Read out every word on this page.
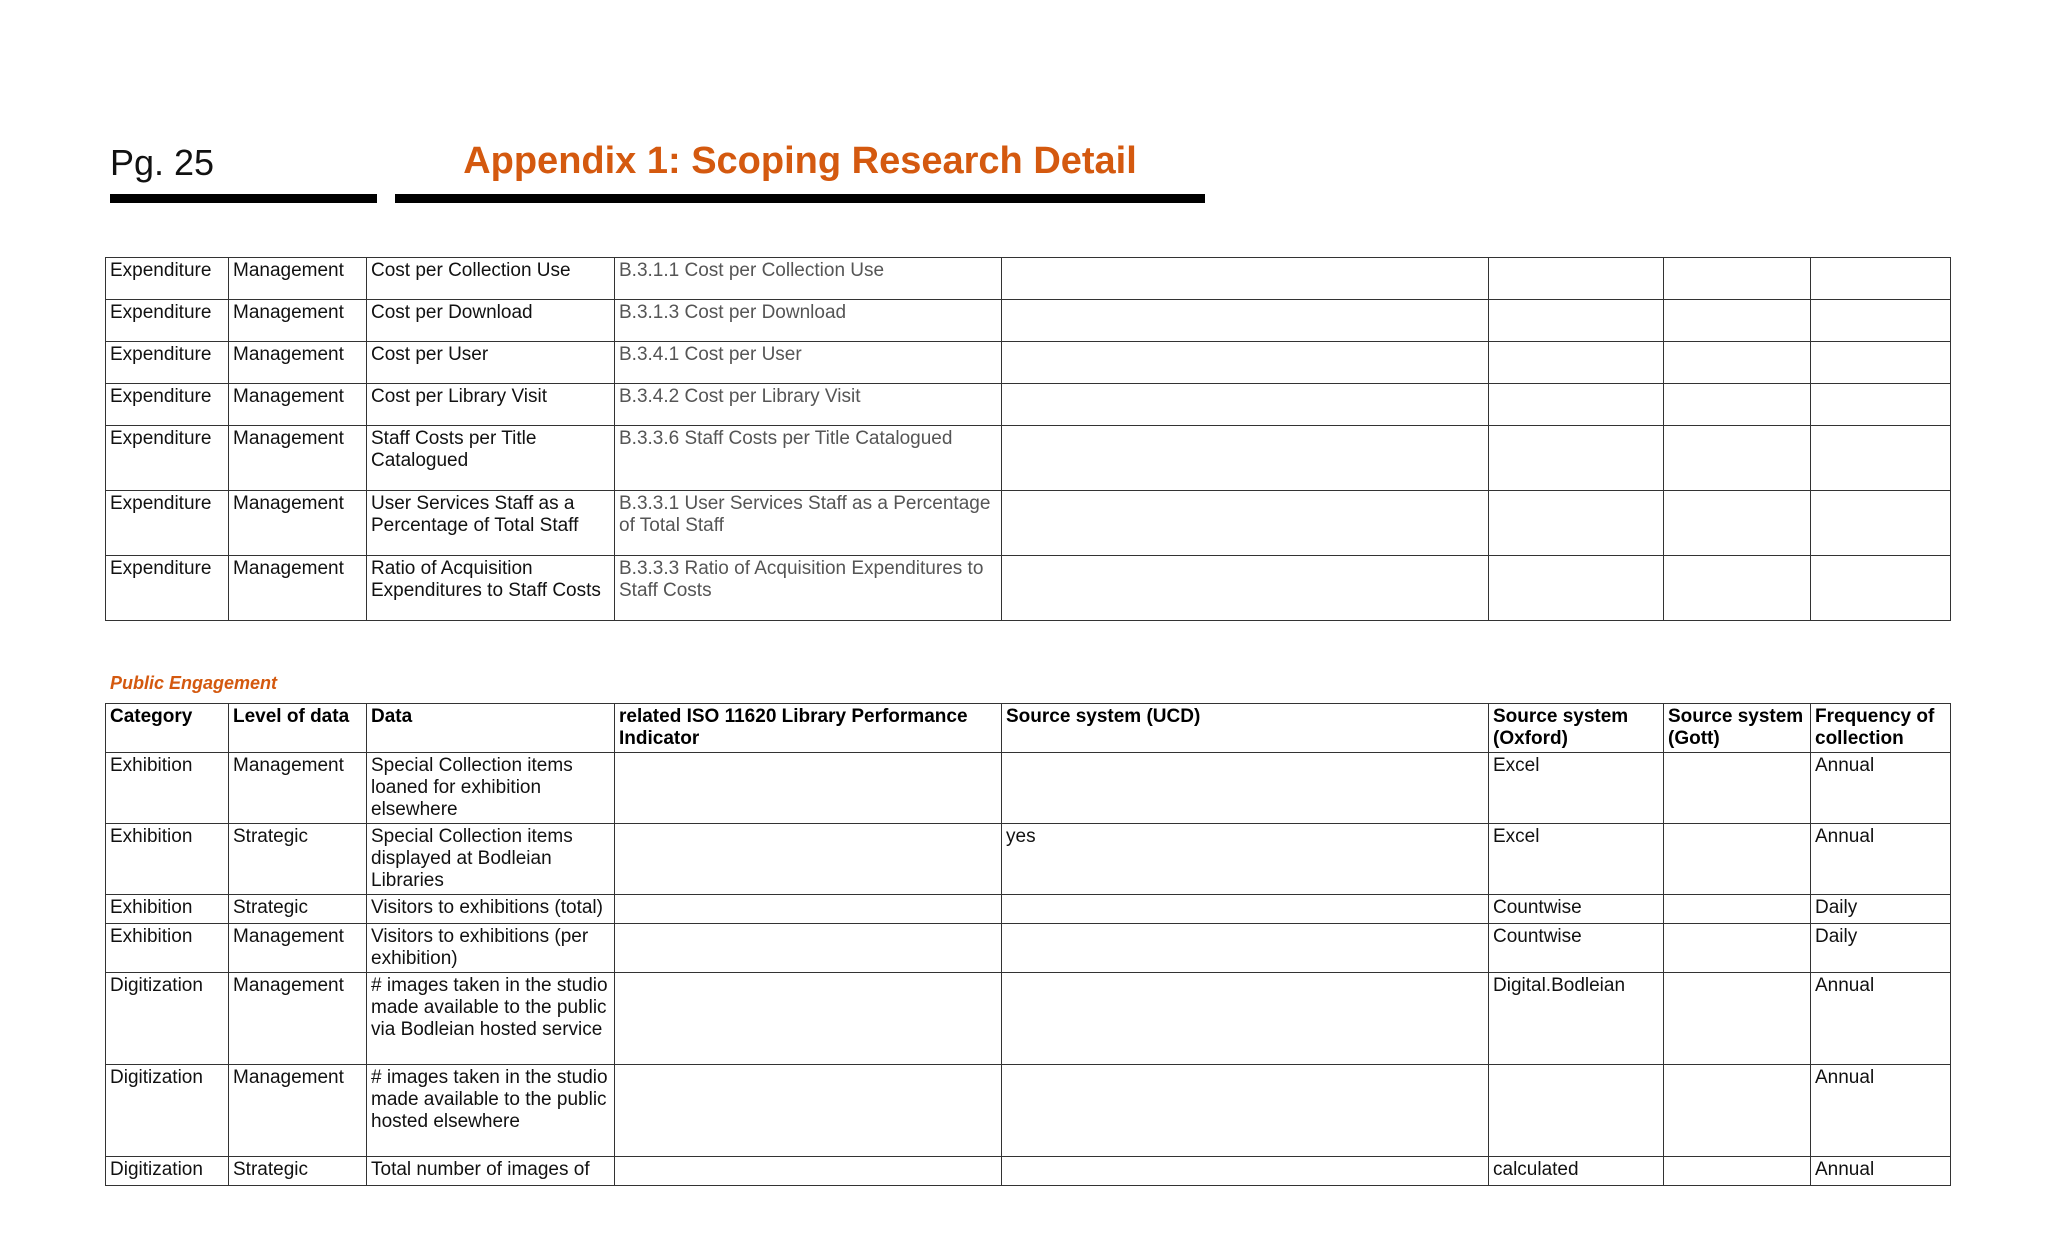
Pg. 25	Appendix 1: Scoping Research Detail
Expenditure	Management	Cost per Collection Use	B.3.1.1 Cost per Collection Use				
Expenditure	Management	Cost per Download	B.3.1.3 Cost per Download				
Expenditure	Management	Cost per User	B.3.4.1 Cost per User				
Expenditure	Management	Cost per Library Visit	B.3.4.2 Cost per Library Visit				
Expenditure	Management	Staff Costs per Title Catalogued	B.3.3.6 Staff Costs per Title Catalogued				
Expenditure	Management	User Services Staff as a Percentage of Total Staff	B.3.3.1 User Services Staff as a Percentage of Total Staff				
Expenditure	Management	Ratio of Acquisition Expenditures to Staff Costs	B.3.3.3 Ratio of Acquisition Expenditures to Staff Costs				
Public Engagement
Category	Level of data	Data	related ISO 11620 Library Performance Indicator	Source system (UCD)	Source system (Oxford)	Source system (Gott)	Frequency of collection
Exhibition	Management	Special Collection items loaned for exhibition elsewhere			Excel		Annual
Exhibition	Strategic	Special Collection items displayed at Bodleian Libraries		yes	Excel		Annual
Exhibition	Strategic	Visitors to exhibitions (total)			Countwise		Daily
Exhibition	Management	Visitors to exhibitions (per exhibition)			Countwise		Daily
Digitization	Management	# images taken in the studio made available to the public via Bodleian hosted service			Digital.Bodleian		Annual
Digitization	Management	# images taken in the studio made available to the public hosted elsewhere					Annual
Digitization	Strategic	Total number of images of			calculated		Annual
